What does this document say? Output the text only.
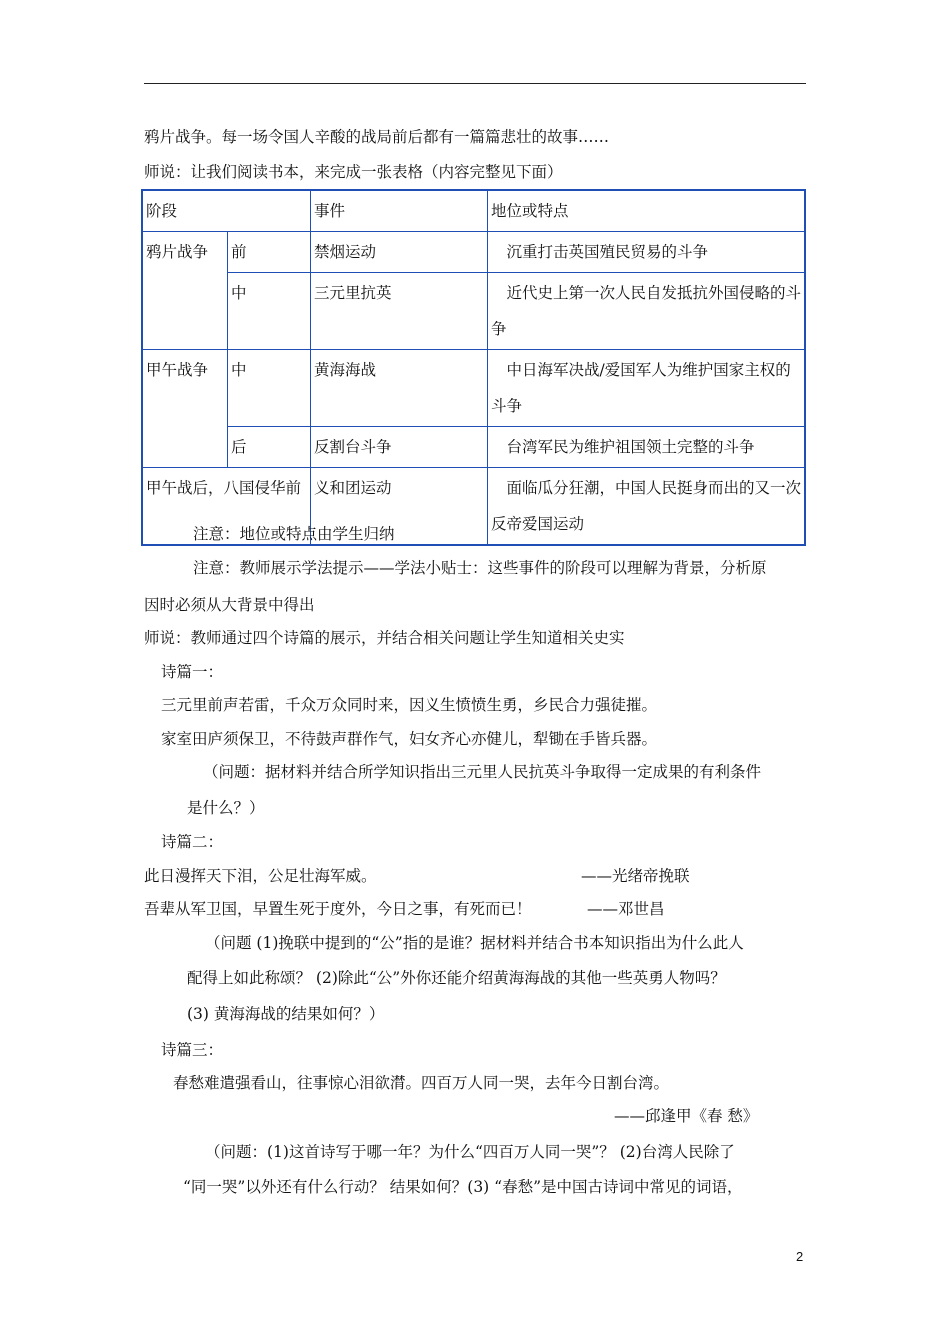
鸦片战争。每一场令国人辛酸的战局前后都有一篇篇悲壮的故事……
师说：让我们阅读书本，来完成一张表格（内容完整见下面）
阶段		事件	地位或特点
鸦片战争	前	禁烟运动	　沉重打击英国殖民贸易的斗争
	中	三元里抗英	　近代史上第一次人民自发抵抗外国侵略的斗争
甲午战争	中	黄海海战	　中日海军决战/爱国军人为维护国家主权的斗争
	后	反割台斗争	　台湾军民为维护祖国领土完整的斗争
甲午战后，八国侵华前		义和团运动	　面临瓜分狂潮，中国人民挺身而出的又一次反帝爱国运动
注意：地位或特点由学生归纳
注意：教师展示学法提示——学法小贴士：这些事件的阶段可以理解为背景，分析原
因时必须从大背景中得出
师说：教师通过四个诗篇的展示，并结合相关问题让学生知道相关史实
诗篇一：
三元里前声若雷，千众万众同时来，因义生愤愤生勇，乡民合力强徒摧。
家室田庐须保卫，不待鼓声群作气，妇女齐心亦健儿，犁锄在手皆兵器。
（问题：据材料并结合所学知识指出三元里人民抗英斗争取得一定成果的有利条件
是什么？）
诗篇二：
此日漫挥天下泪，公足壮海军威。	——光绪帝挽联
吾辈从军卫国，早置生死于度外，今日之事，有死而已！	——邓世昌
（问题 (1)挽联中提到的“公”指的是谁？据材料并结合书本知识指出为什么此人
配得上如此称颂？ (2)除此“公”外你还能介绍黄海海战的其他一些英勇人物吗？
(3) 黄海海战的结果如何？）
诗篇三：
春愁难遣强看山，往事惊心泪欲潸。四百万人同一哭，去年今日割台湾。
——邱逢甲《春 愁》
（问题：(1)这首诗写于哪一年？为什么“四百万人同一哭”？ (2)台湾人民除了
“同一哭”以外还有什么行动？ 结果如何？(3) “春愁”是中国古诗词中常见的词语，
2
